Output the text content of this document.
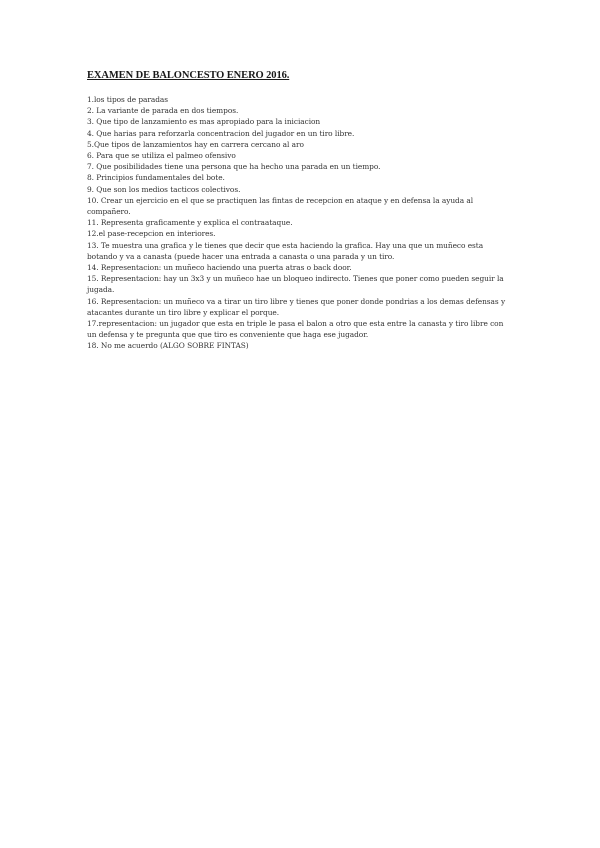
EXAMEN DE BALONCESTO ENERO 2016.
1.los tipos de paradas
2. La variante de parada en dos tiempos.
3. Que tipo de lanzamiento es mas apropiado para la iniciacion
4. Que harias para reforzarla concentracion del jugador en un tiro libre.
5.Que tipos de lanzamientos hay en carrera cercano al aro
6. Para que se utiliza el palmeo ofensivo
7. Que posibilidades tiene una persona que ha hecho una parada en un tiempo.
8. Principios fundamentales del bote.
9. Que son los medios tacticos colectivos.
10. Crear un ejercicio en el que se practiquen las fintas de recepcion en ataque y en defensa la ayuda al compañero.
11. Representa graficamente y explica el contraataque.
12.el pase-recepcion en interiores.
13. Te muestra una grafica y le tienes que decir que esta haciendo la grafica. Hay una que un muñeco esta botando y va a canasta (puede hacer una entrada a canasta o una parada y un tiro.
14. Representacion: un muñeco haciendo una puerta atras o back door.
15. Representacion: hay un 3x3 y un muñeco hae un bloqueo indirecto. Tienes que poner como pueden seguir la jugada.
16. Representacion: un muñeco va a tirar un tiro libre y tienes que poner donde pondrias a los demas defensas y atacantes durante un tiro libre y explicar el porque.
17.representacion: un jugador que esta en triple le pasa el balon a otro que esta entre la canasta y tiro libre con un defensa y te pregunta que que tiro es conveniente que haga ese jugador.
18. No me acuerdo (ALGO SOBRE FINTAS)
